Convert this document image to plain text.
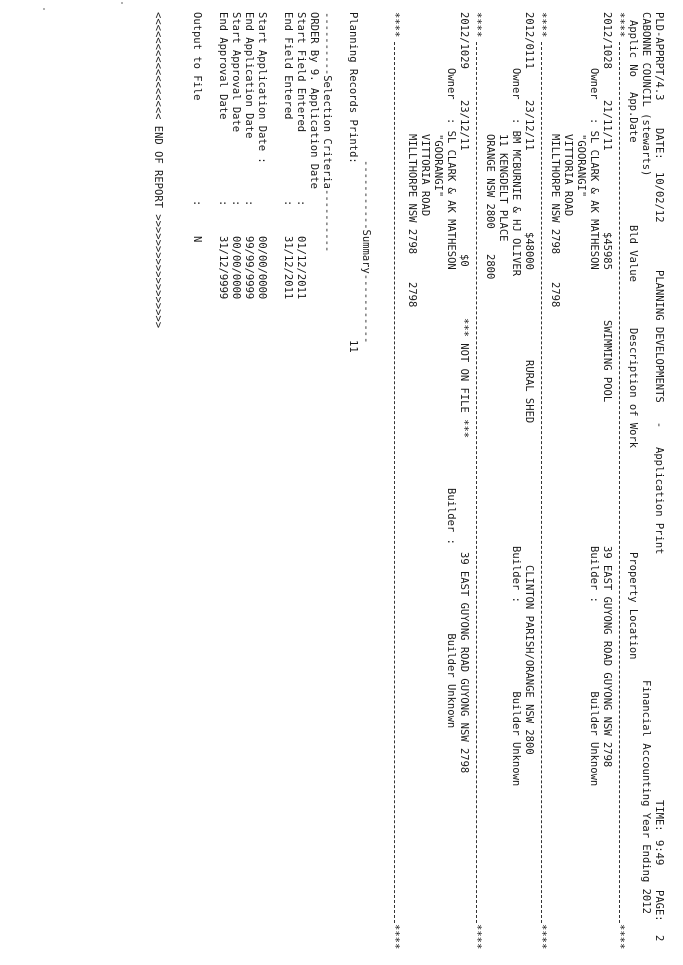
PLD-APPRPT/4.3

DATE:

10/02/12

PLANNING DEVELOPMENTS   -   Application Print

TIME:

9:49

PAGE:

2

CABONNE COUNCIL (stewarts)

Financial Accounting Year Ending 2012

Applic No

App.Date

Bld Value

Description of Work

Property Location

****

****

2012/1028

21/11/11

$45985

SWIMMING POOL

39 EAST GUYONG ROAD GUYONG NSW 2798

Owner

: SL CLARK & AK MATHESON

Builder :              Builder Unknown

"GOORANGI"

VITTORIA ROAD

MILLTHORPE NSW 2798

2798

****

****

2012/0111

23/12/11

$48000

RURAL SHED

CLINTON PARISH/ORANGE NSW 2800

Owner

: BM MCBURNIE & HJ OLIVER

Builder :              Builder Unknown

11 KENGDELT PLACE

ORANGE NSW 2800

2800

****

****

2012/1029

23/12/11

$0

*** NOT ON FILE ***

39 EAST GUYONG ROAD GUYONG NSW 2798

Owner

: SL CLARK & AK MATHESON

Builder :              Builder Unknown

"GOORANGI"

VITTORIA ROAD

MILLTHORPE NSW 2798

2798

****

****

-----------Summary-----------

Planning Records Printd:

11

----------Selection Criteria----------

ORDER By 9. Application Date

Start Field Entered

:

01/12/2011

End Field Entered

:

31/12/2011

Start Application Date :

00/00/0000

End Application Date

:

99/99/9999

Start Approval Date

:

00/00/0000

End Approval Date

:

31/12/9999

Output to File

:

N

<<<<<<<<<<<<<<<<< END OF REPORT >>>>>>>>>>>>>>>>>>
